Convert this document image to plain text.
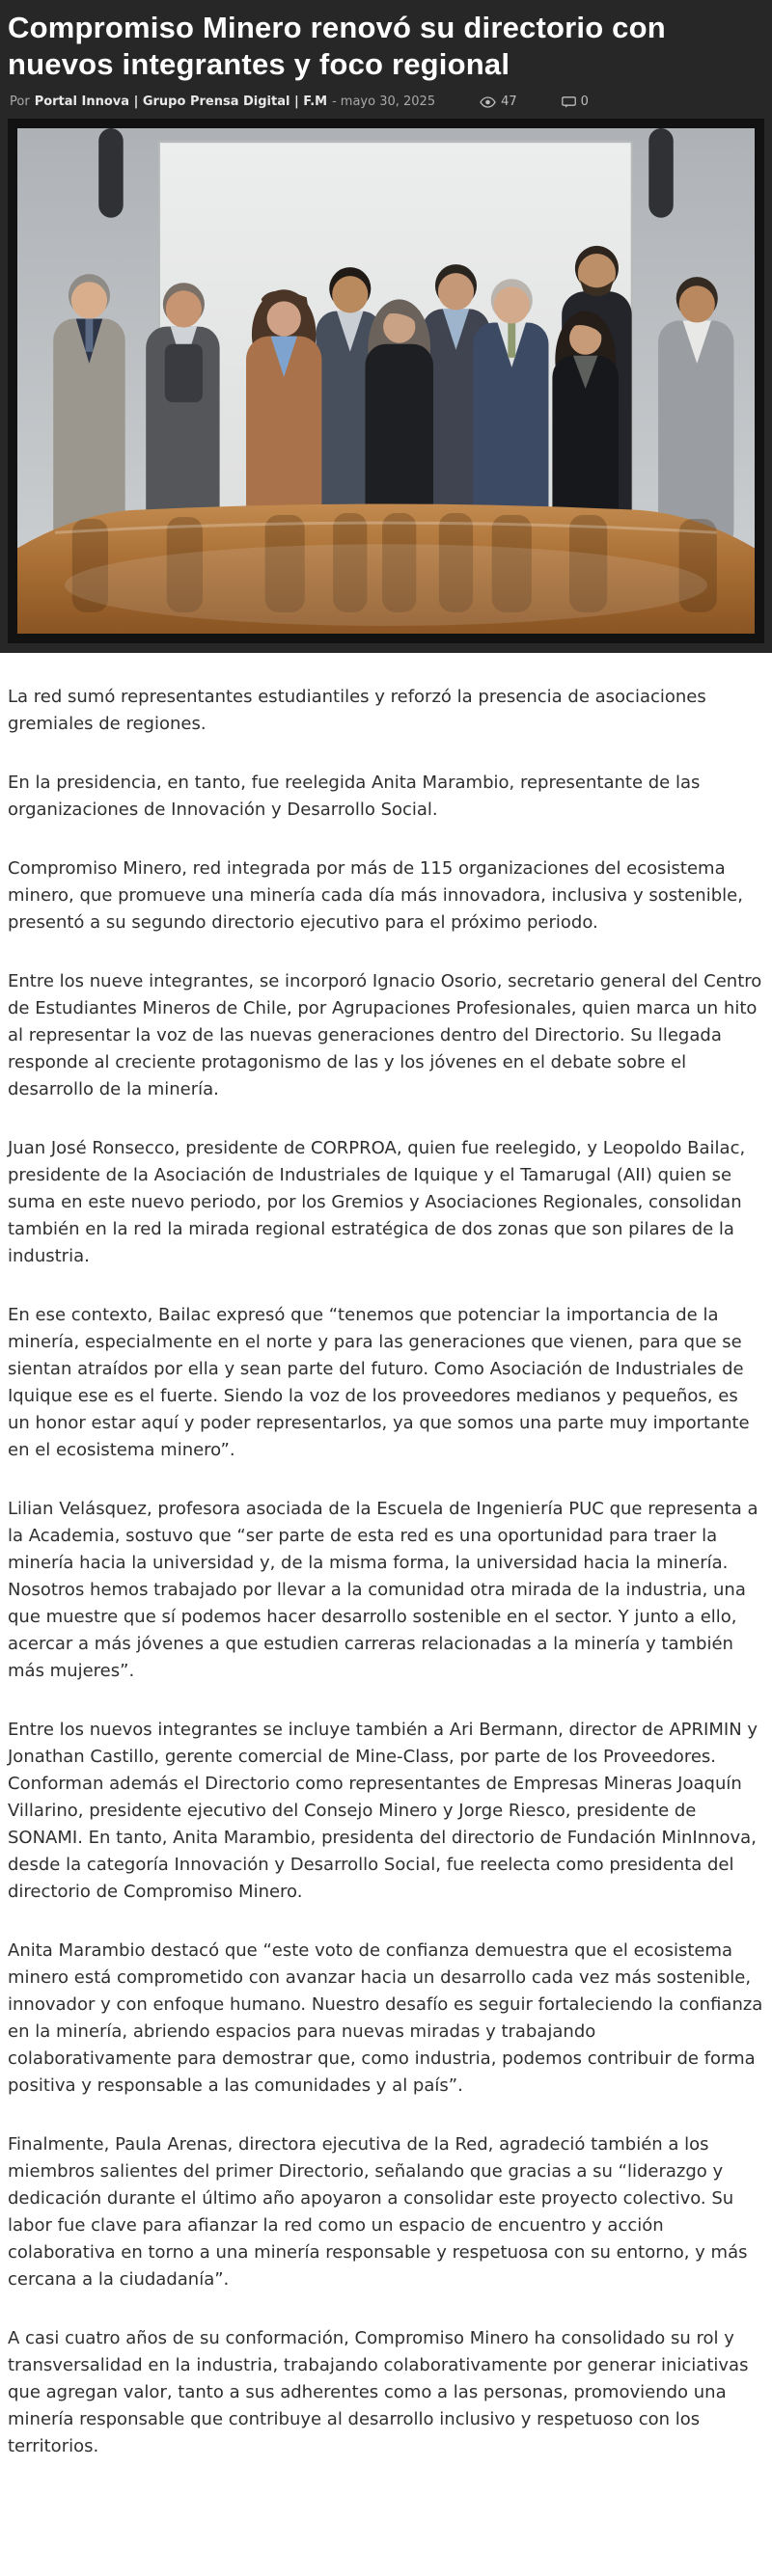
Compromiso Minero renovó su directorio con nuevos integrantes y foco regional
Por Portal Innova | Grupo Prensa Digital | F.M - mayo 30, 2025	47	0

La red sumó representantes estudiantiles y reforzó la presencia de asociaciones gremiales de regiones.

En la presidencia, en tanto, fue reelegida Anita Marambio, representante de las organizaciones de Innovación y Desarrollo Social.

Compromiso Minero, red integrada por más de 115 organizaciones del ecosistema minero, que promueve una minería cada día más innovadora, inclusiva y sostenible, presentó a su segundo directorio ejecutivo para el próximo periodo.

Entre los nueve integrantes, se incorporó Ignacio Osorio, secretario general del Centro de Estudiantes Mineros de Chile, por Agrupaciones Profesionales, quien marca un hito al representar la voz de las nuevas generaciones dentro del Directorio. Su llegada responde al creciente protagonismo de las y los jóvenes en el debate sobre el desarrollo de la minería.

Juan José Ronsecco, presidente de CORPROA, quien fue reelegido, y Leopoldo Bailac, presidente de la Asociación de Industriales de Iquique y el Tamarugal (AII) quien se suma en este nuevo periodo, por los Gremios y Asociaciones Regionales, consolidan también en la red la mirada regional estratégica de dos zonas que son pilares de la industria.

En ese contexto, Bailac expresó que “tenemos que potenciar la importancia de la minería, especialmente en el norte y para las generaciones que vienen, para que se sientan atraídos por ella y sean parte del futuro. Como Asociación de Industriales de Iquique ese es el fuerte. Siendo la voz de los proveedores medianos y pequeños, es un honor estar aquí y poder representarlos, ya que somos una parte muy importante en el ecosistema minero”.

Lilian Velásquez, profesora asociada de la Escuela de Ingeniería PUC que representa a la Academia, sostuvo que “ser parte de esta red es una oportunidad para traer la minería hacia la universidad y, de la misma forma, la universidad hacia la minería. Nosotros hemos trabajado por llevar a la comunidad otra mirada de la industria, una que muestre que sí podemos hacer desarrollo sostenible en el sector. Y junto a ello, acercar a más jóvenes a que estudien carreras relacionadas a la minería y también más mujeres”.

Entre los nuevos integrantes se incluye también a Ari Bermann, director de APRIMIN y Jonathan Castillo, gerente comercial de Mine-Class, por parte de los Proveedores. Conforman además el Directorio como representantes de Empresas Mineras Joaquín Villarino, presidente ejecutivo del Consejo Minero y Jorge Riesco, presidente de SONAMI. En tanto, Anita Marambio, presidenta del directorio de Fundación MinInnova, desde la categoría Innovación y Desarrollo Social, fue reelecta como presidenta del directorio de Compromiso Minero.

Anita Marambio destacó que “este voto de confianza demuestra que el ecosistema minero está comprometido con avanzar hacia un desarrollo cada vez más sostenible, innovador y con enfoque humano. Nuestro desafío es seguir fortaleciendo la confianza en la minería, abriendo espacios para nuevas miradas y trabajando colaborativamente para demostrar que, como industria, podemos contribuir de forma positiva y responsable a las comunidades y al país”.

Finalmente, Paula Arenas, directora ejecutiva de la Red, agradeció también a los miembros salientes del primer Directorio, señalando que gracias a su “liderazgo y dedicación durante el último año apoyaron a consolidar este proyecto colectivo. Su labor fue clave para afianzar la red como un espacio de encuentro y acción colaborativa en torno a una minería responsable y respetuosa con su entorno, y más cercana a la ciudadanía”.

A casi cuatro años de su conformación, Compromiso Minero ha consolidado su rol y transversalidad en la industria, trabajando colaborativamente por generar iniciativas que agregan valor, tanto a sus adherentes como a las personas, promoviendo una minería responsable que contribuye al desarrollo inclusivo y respetuoso con los territorios.
